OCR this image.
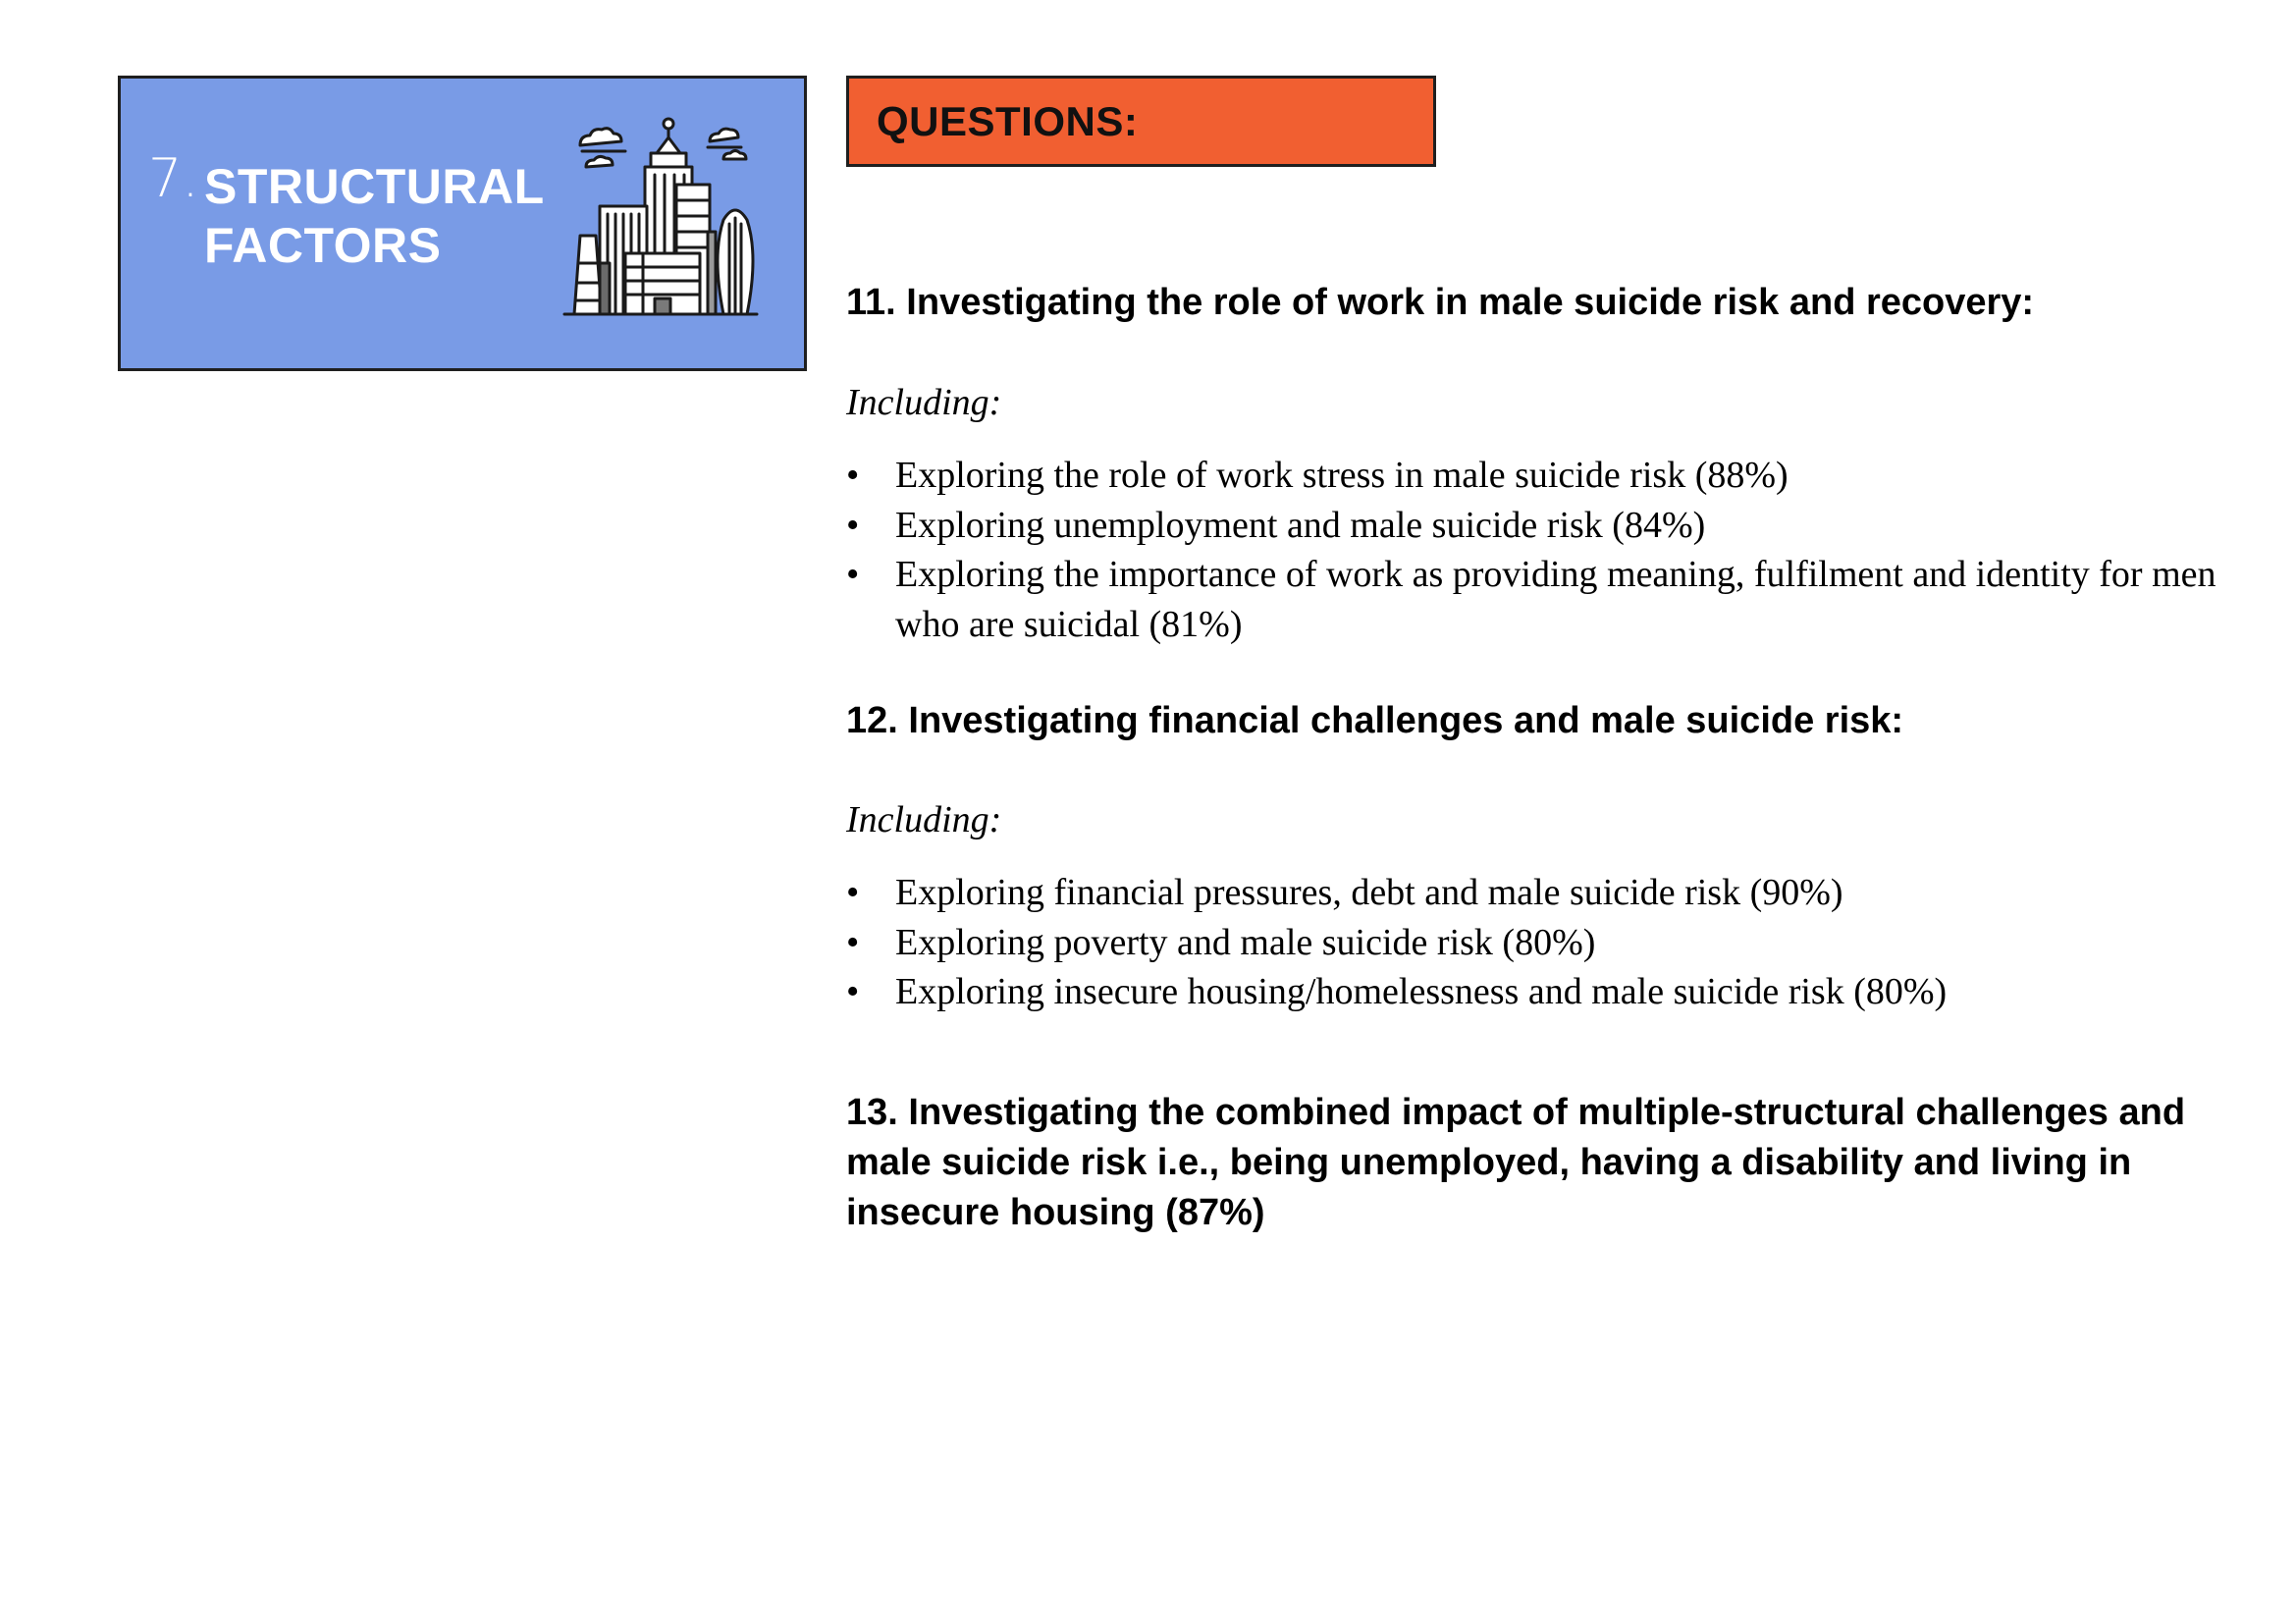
7. STRUCTURAL
FACTORS
QUESTIONS:
11. Investigating the role of work in male suicide risk and recovery:
Including:
• Exploring the role of work stress in male suicide risk (88%)
• Exploring unemployment and male suicide risk (84%)
• Exploring the importance of work as providing meaning, fulfilment and identity for men who are suicidal (81%)
12. Investigating financial challenges and male suicide risk:
Including:
• Exploring financial pressures, debt and male suicide risk (90%)
• Exploring poverty and male suicide risk (80%)
• Exploring insecure housing/homelessness and male suicide risk (80%)
13. Investigating the combined impact of multiple-structural challenges and male suicide risk i.e., being unemployed, having a disability and living in insecure housing (87%)
